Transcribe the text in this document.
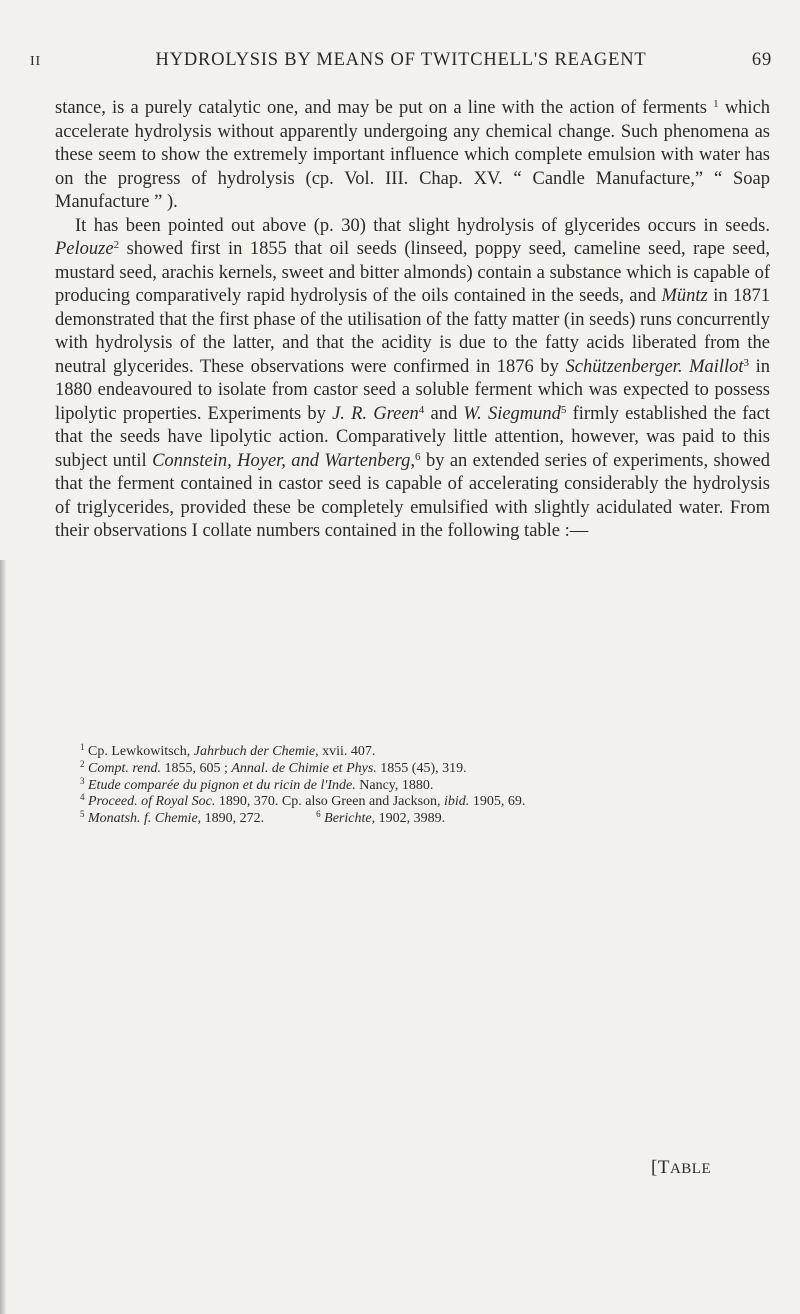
II	HYDROLYSIS BY MEANS OF TWITCHELL'S REAGENT	69

stance, is a purely catalytic one, and may be put on a line with the action of ferments $^1$ which accelerate hydrolysis without apparently undergoing any chemical change. Such phenomena as these seem to show the extremely important influence which complete emulsion with water has on the progress of hydrolysis (cp. Vol. III. Chap. XV. “ Candle Manufacture,” “ Soap Manufacture ” ).

It has been pointed out above (p. 30) that slight hydrolysis of glycerides occurs in seeds. Pelouze$^2$ showed first in 1855 that oil seeds (linseed, poppy seed, cameline seed, rape seed, mustard seed, arachis kernels, sweet and bitter almonds) contain a substance which is capable of producing comparatively rapid hydrolysis of the oils contained in the seeds, and Müntz in 1871 demonstrated that the first phase of the utilisation of the fatty matter (in seeds) runs concurrently with hydrolysis of the latter, and that the acidity is due to the fatty acids liberated from the neutral glycerides. These observations were confirmed in 1876 by Schützenberger. Maillot$^3$ in 1880 endeavoured to isolate from castor seed a soluble ferment which was expected to possess lipolytic properties. Experiments by J. R. Green$^4$ and W. Siegmund$^5$ firmly established the fact that the seeds have lipolytic action. Comparatively little attention, however, was paid to this subject until Connstein, Hoyer, and Wartenberg,$^6$ by an extended series of experiments, showed that the ferment contained in castor seed is capable of accelerating considerably the hydrolysis of triglycerides, provided these be completely emulsified with slightly acidulated water. From their observations I collate numbers contained in the following table :—

$^1$ Cp. Lewkowitsch, Jahrbuch der Chemie, xvii. 407.
$^2$ Compt. rend. 1855, 605 ; Annal. de Chimie et Phys. 1855 (45), 319.
$^3$ Etude comparée du pignon et du ricin de l'Inde. Nancy, 1880.
$^4$ Proceed. of Royal Soc. 1890, 370. Cp. also Green and Jackson, ibid. 1905, 69.
$^5$ Monatsh. f. Chemie, 1890, 272.	$^6$ Berichte, 1902, 3989.
[TABLE
